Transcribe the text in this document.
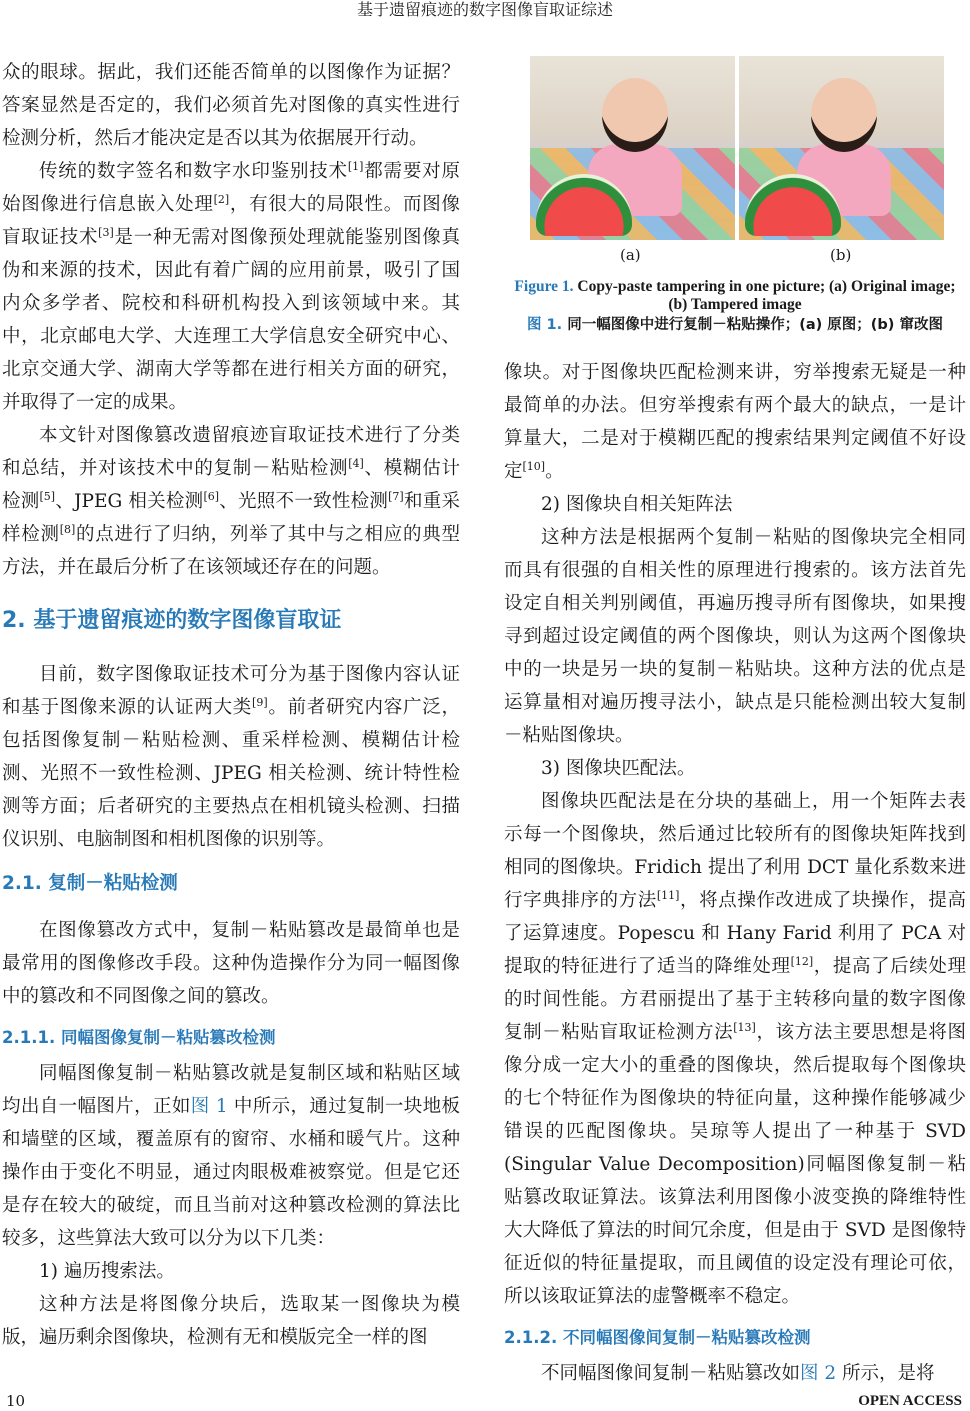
基于遗留痕迹的数字图像盲取证综述

众的眼球。据此，我们还能否简单的以图像作为证据？答案显然是否定的，我们必须首先对图像的真实性进行检测分析，然后才能决定是否以其为依据展开行动。

传统的数字签名和数字水印鉴别技术[1]都需要对原始图像进行信息嵌入处理[2]，有很大的局限性。而图像盲取证技术[3]是一种无需对图像预处理就能鉴别图像真伪和来源的技术，因此有着广阔的应用前景，吸引了国内众多学者、院校和科研机构投入到该领域中来。其中，北京邮电大学、大连理工大学信息安全研究中心、北京交通大学、湖南大学等都在进行相关方面的研究，并取得了一定的成果。

本文针对图像篡改遗留痕迹盲取证技术进行了分类和总结，并对该技术中的复制－粘贴检测[4]、模糊估计检测[5]、JPEG 相关检测[6]、光照不一致性检测[7]和重采样检测[8]的点进行了归纳，列举了其中与之相应的典型方法，并在最后分析了在该领域还存在的问题。

2. 基于遗留痕迹的数字图像盲取证

目前，数字图像取证技术可分为基于图像内容认证和基于图像来源的认证两大类[9]。前者研究内容广泛，包括图像复制－粘贴检测、重采样检测、模糊估计检测、光照不一致性检测、JPEG 相关检测、统计特性检测等方面；后者研究的主要热点在相机镜头检测、扫描仪识别、电脑制图和相机图像的识别等。

2.1. 复制－粘贴检测

在图像篡改方式中，复制－粘贴篡改是最简单也是最常用的图像修改手段。这种伪造操作分为同一幅图像中的篡改和不同图像之间的篡改。

2.1.1. 同幅图像复制－粘贴篡改检测

同幅图像复制－粘贴篡改就是复制区域和粘贴区域均出自一幅图片，正如图 1 中所示，通过复制一块地板和墙壁的区域，覆盖原有的窗帘、水桶和暖气片。这种操作由于变化不明显，通过肉眼极难被察觉。但是它还是存在较大的破绽，而且当前对这种篡改检测的算法比较多，这些算法大致可以分为以下几类：

1) 遍历搜索法。

这种方法是将图像分块后，选取某一图像块为模版，遍历剩余图像块，检测有无和模版完全一样的图

(a)	(b)
Figure 1. Copy-paste tampering in one picture; (a) Original image; (b) Tampered image
图 1. 同一幅图像中进行复制－粘贴操作；(a) 原图；(b) 窜改图

像块。对于图像块匹配检测来讲，穷举搜索无疑是一种最简单的办法。但穷举搜索有两个最大的缺点，一是计算量大，二是对于模糊匹配的搜索结果判定阈值不好设定[10]。

2) 图像块自相关矩阵法

这种方法是根据两个复制－粘贴的图像块完全相同而具有很强的自相关性的原理进行搜索的。该方法首先设定自相关判别阈值，再遍历搜寻所有图像块，如果搜寻到超过设定阈值的两个图像块，则认为这两个图像块中的一块是另一块的复制－粘贴块。这种方法的优点是运算量相对遍历搜寻法小，缺点是只能检测出较大复制－粘贴图像块。

3) 图像块匹配法。

图像块匹配法是在分块的基础上，用一个矩阵去表示每一个图像块，然后通过比较所有的图像块矩阵找到相同的图像块。Fridich 提出了利用 DCT 量化系数来进行字典排序的方法[11]，将点操作改进成了块操作，提高了运算速度。Popescu 和 Hany Farid 利用了 PCA 对提取的特征进行了适当的降维处理[12]，提高了后续处理的时间性能。方君丽提出了基于主转移向量的数字图像复制－粘贴盲取证检测方法[13]，该方法主要思想是将图像分成一定大小的重叠的图像块，然后提取每个图像块的七个特征作为图像块的特征向量，这种操作能够减少错误的匹配图像块。吴琼等人提出了一种基于 SVD (Singular Value Decomposition)同幅图像复制－粘贴篡改取证算法。该算法利用图像小波变换的降维特性大大降低了算法的时间冗余度，但是由于 SVD 是图像特征近似的特征量提取，而且阈值的设定没有理论可依，所以该取证算法的虚警概率不稳定。

2.1.2. 不同幅图像间复制－粘贴篡改检测

不同幅图像间复制－粘贴篡改如图 2 所示，是将

10	OPEN ACCESS
